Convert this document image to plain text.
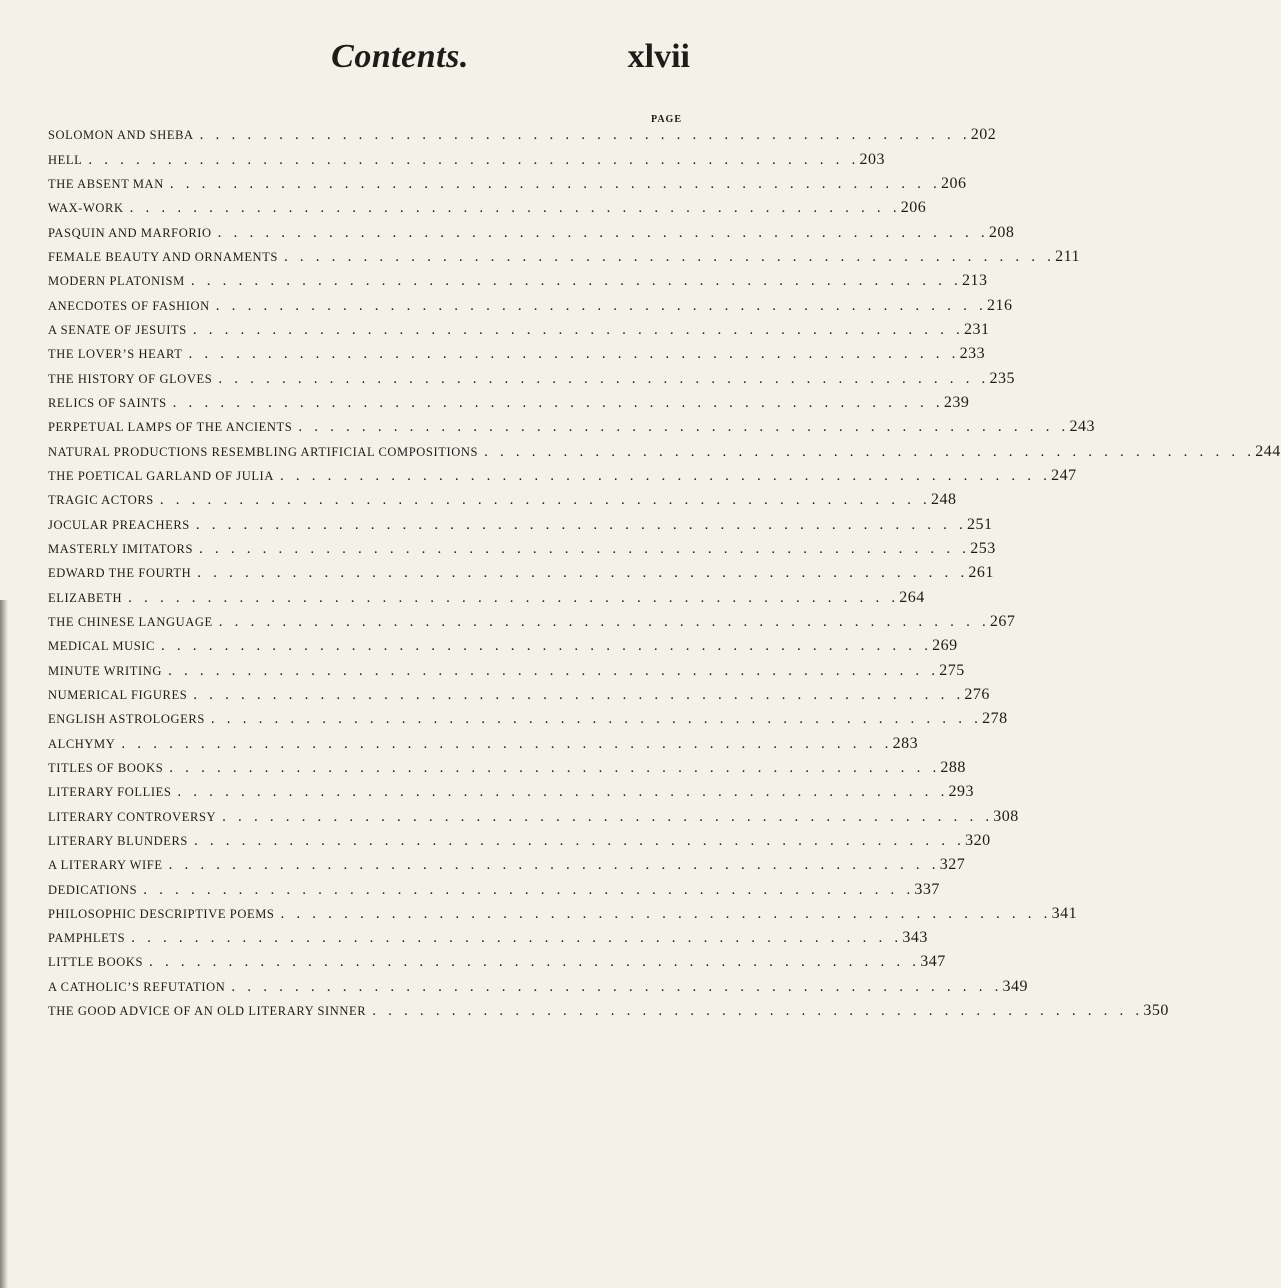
Contents.	xlvii
PAGE
SOLOMON AND SHEBA . . . . . . . . . . . . . . . . . . . . . . . . . . . . . . . . . . . . . . . . . . . . . . . . . 202
HELL . . . . . . . . . . . . . . . . . . . . . . . . . . . . . . . . . . . . . . . . . . . . . . . . . 203
THE ABSENT MAN . . . . . . . . . . . . . . . . . . . . . . . . . . . . . . . . . . . . . . . . . . . . . . . . . 206
WAX-WORK . . . . . . . . . . . . . . . . . . . . . . . . . . . . . . . . . . . . . . . . . . . . . . . . . 206
PASQUIN AND MARFORIO . . . . . . . . . . . . . . . . . . . . . . . . . . . . . . . . . . . . . . . . . . . . . . . . . 208
FEMALE BEAUTY AND ORNAMENTS . . . . . . . . . . . . . . . . . . . . . . . . . . . . . . . . . . . . . . . . . . . . . . . . . 211
MODERN PLATONISM . . . . . . . . . . . . . . . . . . . . . . . . . . . . . . . . . . . . . . . . . . . . . . . . . 213
ANECDOTES OF FASHION . . . . . . . . . . . . . . . . . . . . . . . . . . . . . . . . . . . . . . . . . . . . . . . . . 216
A SENATE OF JESUITS . . . . . . . . . . . . . . . . . . . . . . . . . . . . . . . . . . . . . . . . . . . . . . . . . 231
THE LOVER’S HEART . . . . . . . . . . . . . . . . . . . . . . . . . . . . . . . . . . . . . . . . . . . . . . . . . 233
THE HISTORY OF GLOVES . . . . . . . . . . . . . . . . . . . . . . . . . . . . . . . . . . . . . . . . . . . . . . . . . 235
RELICS OF SAINTS . . . . . . . . . . . . . . . . . . . . . . . . . . . . . . . . . . . . . . . . . . . . . . . . . 239
PERPETUAL LAMPS OF THE ANCIENTS . . . . . . . . . . . . . . . . . . . . . . . . . . . . . . . . . . . . . . . . . . . . . . . . . 243
NATURAL PRODUCTIONS RESEMBLING ARTIFICIAL COMPOSITIONS . . . . . . . . . . . . . . . . . . . . . . . . . . . . . . . . . . . . . . . . . . . . . . . . . 244
THE POETICAL GARLAND OF JULIA . . . . . . . . . . . . . . . . . . . . . . . . . . . . . . . . . . . . . . . . . . . . . . . . . 247
TRAGIC ACTORS . . . . . . . . . . . . . . . . . . . . . . . . . . . . . . . . . . . . . . . . . . . . . . . . . 248
JOCULAR PREACHERS . . . . . . . . . . . . . . . . . . . . . . . . . . . . . . . . . . . . . . . . . . . . . . . . . 251
MASTERLY IMITATORS . . . . . . . . . . . . . . . . . . . . . . . . . . . . . . . . . . . . . . . . . . . . . . . . . 253
EDWARD THE FOURTH . . . . . . . . . . . . . . . . . . . . . . . . . . . . . . . . . . . . . . . . . . . . . . . . . 261
ELIZABETH . . . . . . . . . . . . . . . . . . . . . . . . . . . . . . . . . . . . . . . . . . . . . . . . . 264
THE CHINESE LANGUAGE . . . . . . . . . . . . . . . . . . . . . . . . . . . . . . . . . . . . . . . . . . . . . . . . . 267
MEDICAL MUSIC . . . . . . . . . . . . . . . . . . . . . . . . . . . . . . . . . . . . . . . . . . . . . . . . . 269
MINUTE WRITING . . . . . . . . . . . . . . . . . . . . . . . . . . . . . . . . . . . . . . . . . . . . . . . . . 275
NUMERICAL FIGURES . . . . . . . . . . . . . . . . . . . . . . . . . . . . . . . . . . . . . . . . . . . . . . . . . 276
ENGLISH ASTROLOGERS . . . . . . . . . . . . . . . . . . . . . . . . . . . . . . . . . . . . . . . . . . . . . . . . . 278
ALCHYMY . . . . . . . . . . . . . . . . . . . . . . . . . . . . . . . . . . . . . . . . . . . . . . . . . 283
TITLES OF BOOKS . . . . . . . . . . . . . . . . . . . . . . . . . . . . . . . . . . . . . . . . . . . . . . . . . 288
LITERARY FOLLIES . . . . . . . . . . . . . . . . . . . . . . . . . . . . . . . . . . . . . . . . . . . . . . . . . 293
LITERARY CONTROVERSY . . . . . . . . . . . . . . . . . . . . . . . . . . . . . . . . . . . . . . . . . . . . . . . . . 308
LITERARY BLUNDERS . . . . . . . . . . . . . . . . . . . . . . . . . . . . . . . . . . . . . . . . . . . . . . . . . 320
A LITERARY WIFE . . . . . . . . . . . . . . . . . . . . . . . . . . . . . . . . . . . . . . . . . . . . . . . . . 327
DEDICATIONS . . . . . . . . . . . . . . . . . . . . . . . . . . . . . . . . . . . . . . . . . . . . . . . . . 337
PHILOSOPHIC DESCRIPTIVE POEMS . . . . . . . . . . . . . . . . . . . . . . . . . . . . . . . . . . . . . . . . . . . . . . . . . 341
PAMPHLETS . . . . . . . . . . . . . . . . . . . . . . . . . . . . . . . . . . . . . . . . . . . . . . . . . 343
LITTLE BOOKS . . . . . . . . . . . . . . . . . . . . . . . . . . . . . . . . . . . . . . . . . . . . . . . . . 347
A CATHOLIC’S REFUTATION . . . . . . . . . . . . . . . . . . . . . . . . . . . . . . . . . . . . . . . . . . . . . . . . . 349
THE GOOD ADVICE OF AN OLD LITERARY SINNER . . . . . . . . . . . . . . . . . . . . . . . . . . . . . . . . . . . . . . . . . . . . . . . . . 350
